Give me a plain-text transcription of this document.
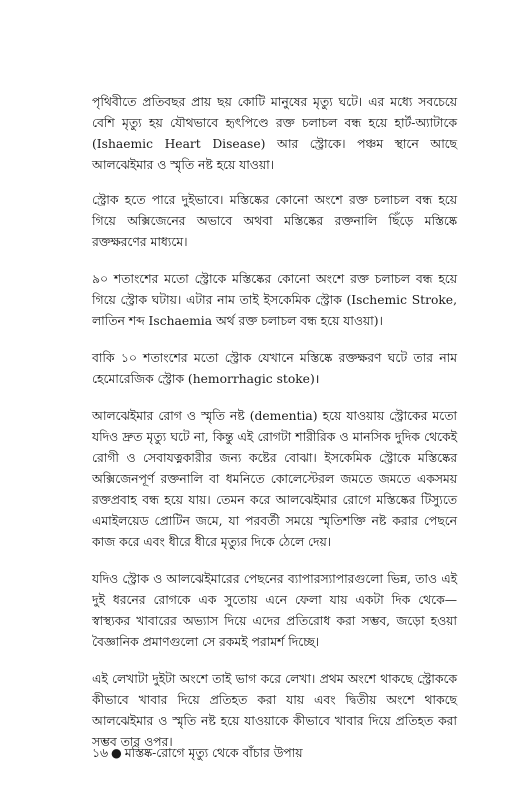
পৃথিবীতে প্রতিবছর প্রায় ছয় কোটি মানুষের মৃত্যু ঘটে। এর মধ্যে সবচেয়ে বেশি মৃত্যু হয় যৌথভাবে হৃৎপিণ্ডে রক্ত চলাচল বন্ধ হয়ে হার্ট-অ্যাটাকে (Ishaemic Heart Disease) আর স্ট্রোকে। পঞ্চম স্থানে আছে আলঝেইমার ও স্মৃতি নষ্ট হয়ে যাওয়া।

স্ট্রোক হতে পারে দুইভাবে। মস্তিষ্কের কোনো অংশে রক্ত চলাচল বন্ধ হয়ে গিয়ে অক্সিজেনের অভাবে অথবা মস্তিষ্কের রক্তনালি ছিঁড়ে মস্তিষ্কে রক্তক্ষরণের মাধ্যমে।

৯০ শতাংশের মতো স্ট্রোকে মস্তিষ্কের কোনো অংশে রক্ত চলাচল বন্ধ হয়ে গিয়ে স্ট্রোক ঘটায়। এটার নাম তাই ইসকেমিক স্ট্রোক (Ischemic Stroke, লাতিন শব্দ Ischaemia অর্থ রক্ত চলাচল বন্ধ হয়ে যাওয়া)।

বাকি ১০ শতাংশের মতো স্ট্রোক যেখানে মস্তিষ্কে রক্তক্ষরণ ঘটে তার নাম হেমোরেজিক স্ট্রোক (hemorrhagic stoke)।

আলঝেইমার রোগ ও স্মৃতি নষ্ট (dementia) হয়ে যাওয়ায় স্ট্রোকের মতো যদিও দ্রুত মৃত্যু ঘটে না, কিন্তু এই রোগটা শারীরিক ও মানসিক দুদিক থেকেই রোগী ও সেবাযত্নকারীর জন্য কষ্টের বোঝা। ইসকেমিক স্ট্রোকে মস্তিষ্কের অক্সিজেনপূর্ণ রক্তনালি বা ধমনিতে কোলেস্টেরল জমতে জমতে একসময় রক্তপ্রবাহ বন্ধ হয়ে যায়। তেমন করে আলঝেইমার রোগে মস্তিষ্কের টিস্যুতে এমাইলয়েড প্রোটিন জমে, যা পরবর্তী সময়ে স্মৃতিশক্তি নষ্ট করার পেছনে কাজ করে এবং ধীরে ধীরে মৃত্যুর দিকে ঠেলে দেয়।

যদিও স্ট্রোক ও আলঝেইমারের পেছনের ব্যাপারস্যাপারগুলো ভিন্ন, তাও এই দুই ধরনের রোগকে এক সুতোয় এনে ফেলা যায় একটা দিক থেকে— স্বাস্থ্যকর খাবারের অভ্যাস দিয়ে এদের প্রতিরোধ করা সম্ভব, জড়ো হওয়া বৈজ্ঞানিক প্রমাণগুলো সে রকমই পরামর্শ দিচ্ছে।

এই লেখাটা দুইটা অংশে তাই ভাগ করে লেখা। প্রথম অংশে থাকছে স্ট্রোককে কীভাবে খাবার দিয়ে প্রতিহত করা যায় এবং দ্বিতীয় অংশে থাকছে আলঝেইমার ও স্মৃতি নষ্ট হয়ে যাওয়াকে কীভাবে খাবার দিয়ে প্রতিহত করা সম্ভব তার ওপর।

১৬ ● মস্তিষ্ক-রোগে মৃত্যু থেকে বাঁচার উপায়
